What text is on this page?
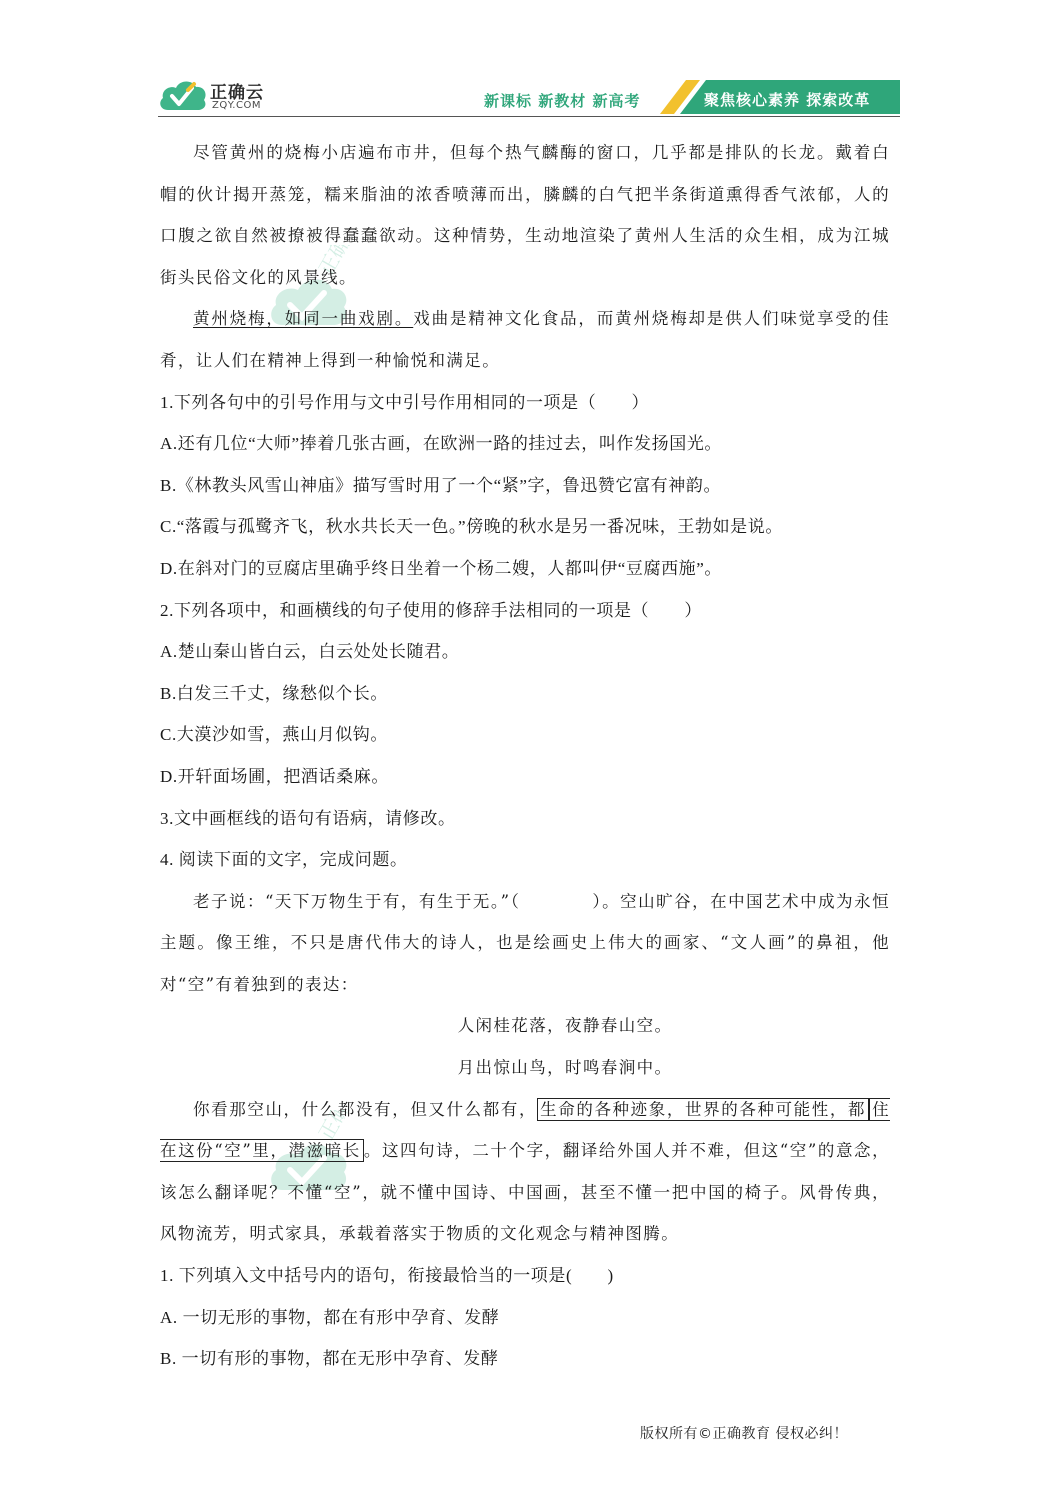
正确云
ZQY.COM	新课标 新教材 新高考	聚焦核心素养 探索改革
正确云
正确云

尽管黄州的烧梅小店遍布市井，但每个热气麟酶的窗口，几乎都是排队的长龙。戴着白帽的伙计揭开蒸笼，糯来脂油的浓香喷薄而出，膦麟的白气把半条街道熏得香气浓郁，人的口腹之欲自然被撩被得蠢蠢欲动。这种情势，生动地渲染了黄州人生活的众生相，成为江城街头民俗文化的风景线。

黄州烧梅，如同一曲戏剧。戏曲是精神文化食品，而黄州烧梅却是供人们味觉享受的佳肴，让人们在精神上得到一种愉悦和满足。

1.下列各句中的引号作用与文中引号作用相同的一项是（　　）

A.还有几位“大师”捧着几张古画，在欧洲一路的挂过去，叫作发扬国光。

B.《林教头风雪山神庙》描写雪时用了一个“紧”字，鲁迅赞它富有神韵。

C.“落霞与孤鹭齐飞，秋水共长天一色。”傍晚的秋水是另一番况味，王勃如是说。

D.在斜对门的豆腐店里确乎终日坐着一个杨二嫂，人都叫伊“豆腐西施”。

2.下列各项中，和画横线的句子使用的修辞手法相同的一项是（　　）

A.楚山秦山皆白云，白云处处长随君。

B.白发三千丈，缘愁似个长。

C.大漠沙如雪，燕山月似钩。

D.开轩面场圃，把酒话桑麻。

3.文中画框线的语句有语病，请修改。

4. 阅读下面的文字，完成问题。

老子说：“天下万物生于有，有生于无。”（　　　　）。空山旷谷，在中国艺术中成为永恒主题。像王维，不只是唐代伟大的诗人，也是绘画史上伟大的画家、“文人画”的鼻祖，他对“空”有着独到的表达：

人闲桂花落，夜静春山空。

月出惊山鸟，时鸣春涧中。

你看那空山，什么都没有，但又什么都有， 生命的各种迹象，世界的各种可能性，都 住在这份“空”里，潜滋暗长 。这四句诗，二十个字，翻译给外国人并不难，但这“空”的意念，该怎么翻译呢？不懂“空”，就不懂中国诗、中国画，甚至不懂一把中国的椅子。风骨传典，风物流芳，明式家具，承载着落实于物质的文化观念与精神图腾。

1. 下列填入文中括号内的语句，衔接最恰当的一项是(　　)

A. 一切无形的事物，都在有形中孕育、发酵

B. 一切有形的事物，都在无形中孕育、发酵

版权所有©正确教育 侵权必纠！
